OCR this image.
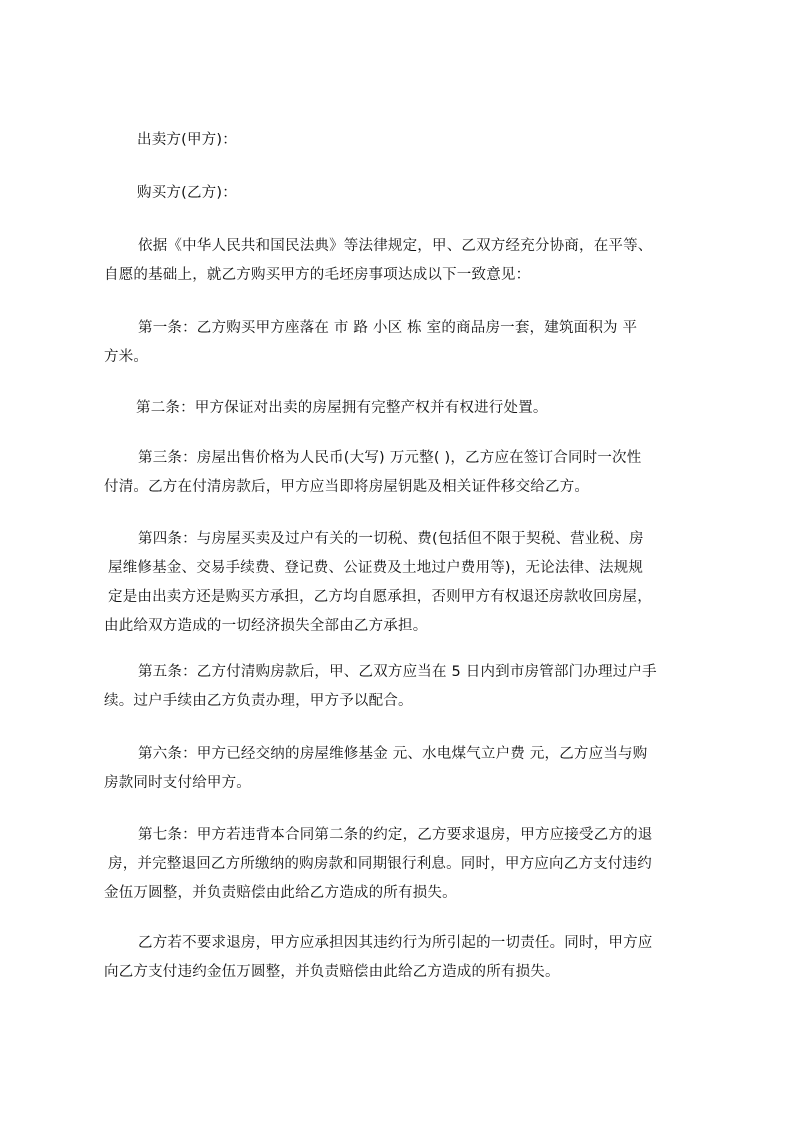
出卖方(甲方)：

购买方(乙方)：

依据《中华人民共和国民法典》等法律规定，甲、乙双方经充分协商，在平等、
自愿的基础上，就乙方购买甲方的毛坯房事项达成以下一致意见：

第一条：乙方购买甲方座落在 市 路 小区 栋 室的商品房一套，建筑面积为 平
方米。

第二条：甲方保证对出卖的房屋拥有完整产权并有权进行处置。

第三条：房屋出售价格为人民币(大写) 万元整( )，乙方应在签订合同时一次性
付清。乙方在付清房款后，甲方应当即将房屋钥匙及相关证件移交给乙方。

第四条：与房屋买卖及过户有关的一切税、费(包括但不限于契税、营业税、房
屋维修基金、交易手续费、登记费、公证费及土地过户费用等)，无论法律、法规规
定是由出卖方还是购买方承担，乙方均自愿承担，否则甲方有权退还房款收回房屋，
由此给双方造成的一切经济损失全部由乙方承担。

第五条：乙方付清购房款后，甲、乙双方应当在 5 日内到市房管部门办理过户手
续。过户手续由乙方负责办理，甲方予以配合。

第六条：甲方已经交纳的房屋维修基金 元、水电煤气立户费 元，乙方应当与购
房款同时支付给甲方。

第七条：甲方若违背本合同第二条的约定，乙方要求退房，甲方应接受乙方的退
房，并完整退回乙方所缴纳的购房款和同期银行利息。同时，甲方应向乙方支付违约
金伍万圆整，并负责赔偿由此给乙方造成的所有损失。

乙方若不要求退房，甲方应承担因其违约行为所引起的一切责任。同时，甲方应
向乙方支付违约金伍万圆整，并负责赔偿由此给乙方造成的所有损失。
